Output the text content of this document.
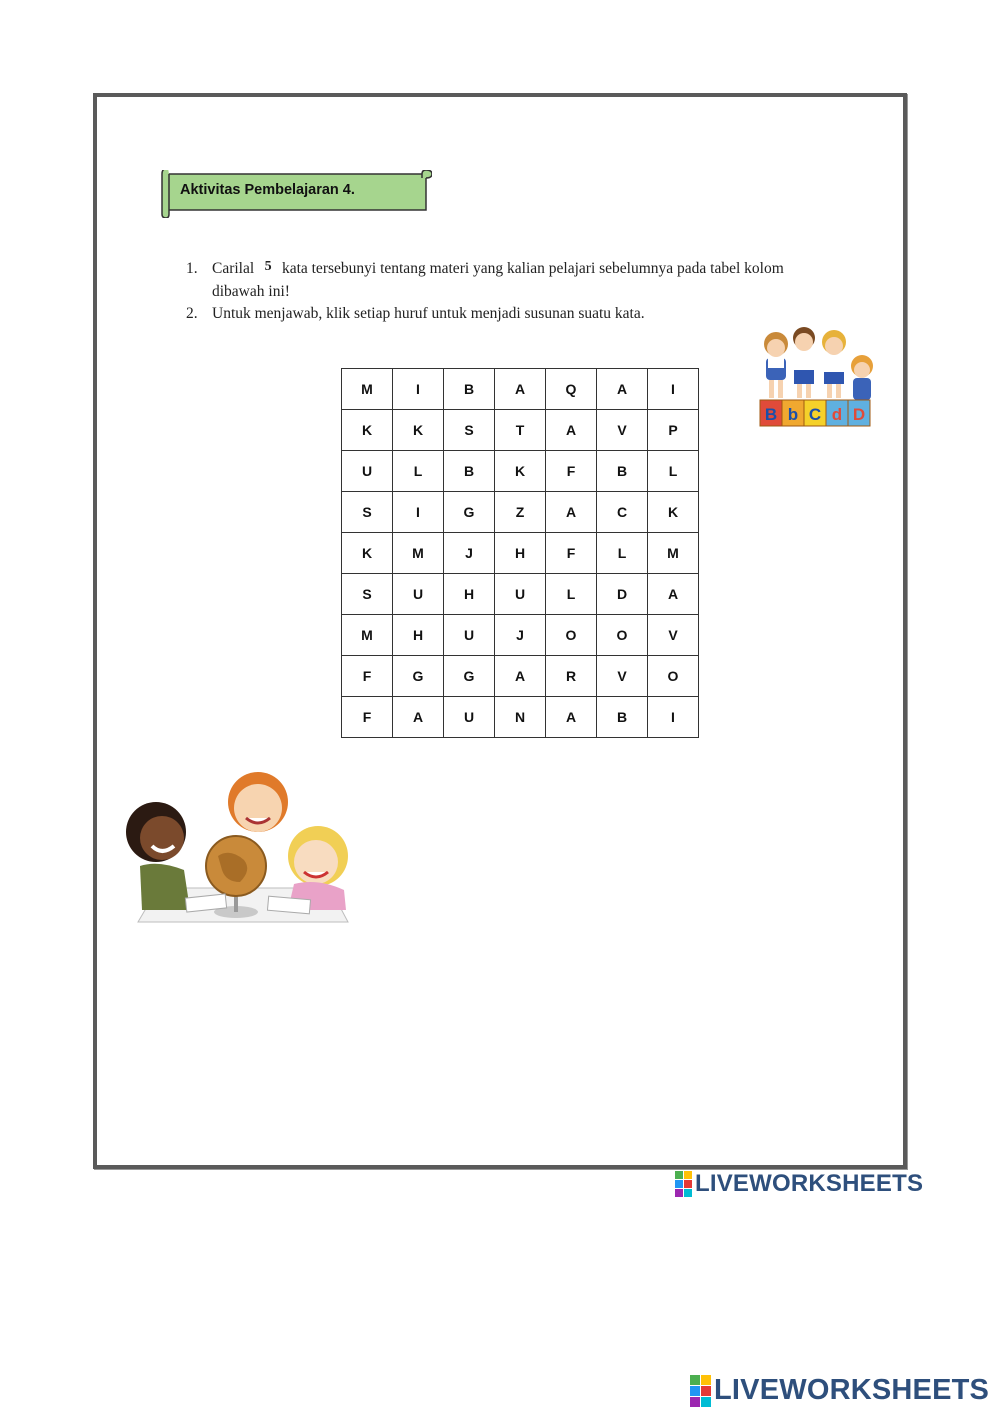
Aktivitas Pembelajaran 4.
1. Carilal 5 kata tersebunyi tentang materi yang kalian pelajari sebelumnya pada tabel kolom dibawah ini!
2. Untuk menjawab, klik setiap huruf untuk menjadi susunan suatu kata.
M	I	B	A	Q	A	I
K	K	S	T	A	V	P
U	L	B	K	F	B	L
S	I	G	Z	A	C	K
K	M	J	H	F	L	M
S	U	H	U	L	D	A
M	H	U	J	O	O	V
F	G	G	A	R	V	O
F	A	U	N	A	B	I
B b C d D
LIVEWORKSHEETS
LIVEWORKSHEETS
